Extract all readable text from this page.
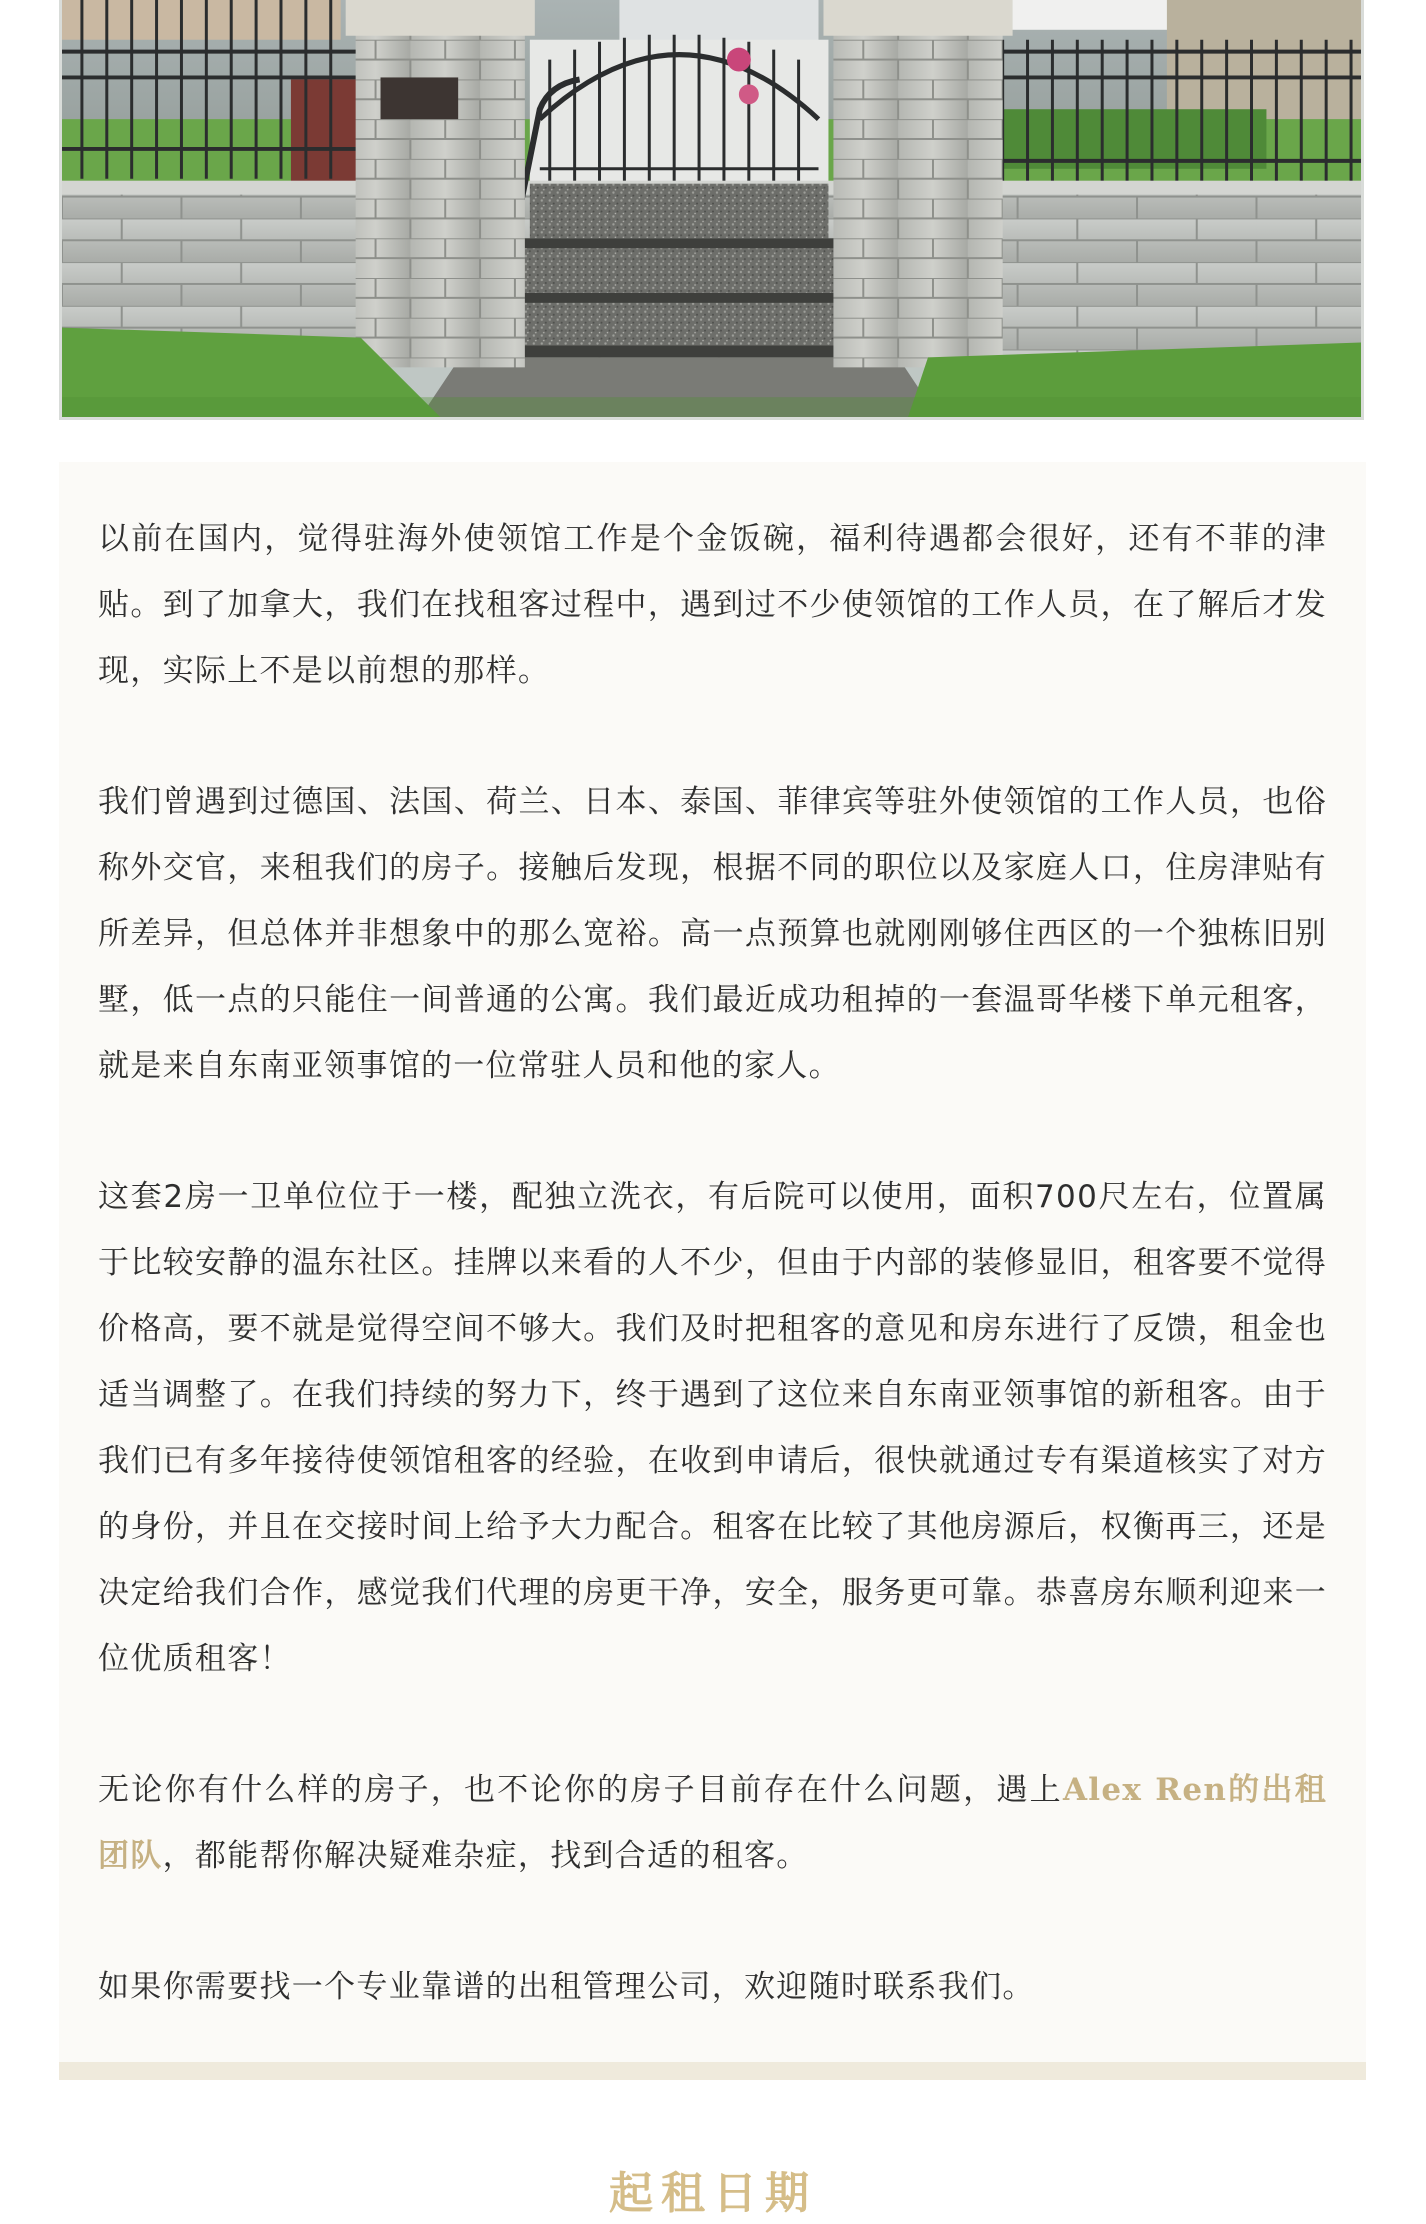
以前在国内，觉得驻海外使领馆工作是个金饭碗，福利待遇都会很好，还有不菲的津贴。到了加拿大，我们在找租客过程中，遇到过不少使领馆的工作人员，在了解后才发现，实际上不是以前想的那样。

我们曾遇到过德国、法国、荷兰、日本、泰国、菲律宾等驻外使领馆的工作人员，也俗称外交官，来租我们的房子。接触后发现，根据不同的职位以及家庭人口，住房津贴有所差异，但总体并非想象中的那么宽裕。高一点预算也就刚刚够住西区的一个独栋旧别墅，低一点的只能住一间普通的公寓。我们最近成功租掉的一套温哥华楼下单元租客，就是来自东南亚领事馆的一位常驻人员和他的家人。

这套2房一卫单位位于一楼，配独立洗衣，有后院可以使用，面积700尺左右，位置属于比较安静的温东社区。挂牌以来看的人不少，但由于内部的装修显旧，租客要不觉得价格高，要不就是觉得空间不够大。我们及时把租客的意见和房东进行了反馈，租金也适当调整了。在我们持续的努力下，终于遇到了这位来自东南亚领事馆的新租客。由于我们已有多年接待使领馆租客的经验，在收到申请后，很快就通过专有渠道核实了对方的身份，并且在交接时间上给予大力配合。租客在比较了其他房源后，权衡再三，还是决定给我们合作，感觉我们代理的房更干净，安全，服务更可靠。恭喜房东顺利迎来一位优质租客！

无论你有什么样的房子，也不论你的房子目前存在什么问题，遇上Alex Ren的出租团队，都能帮你解决疑难杂症，找到合适的租客。

如果你需要找一个专业靠谱的出租管理公司，欢迎随时联系我们。

起租日期
